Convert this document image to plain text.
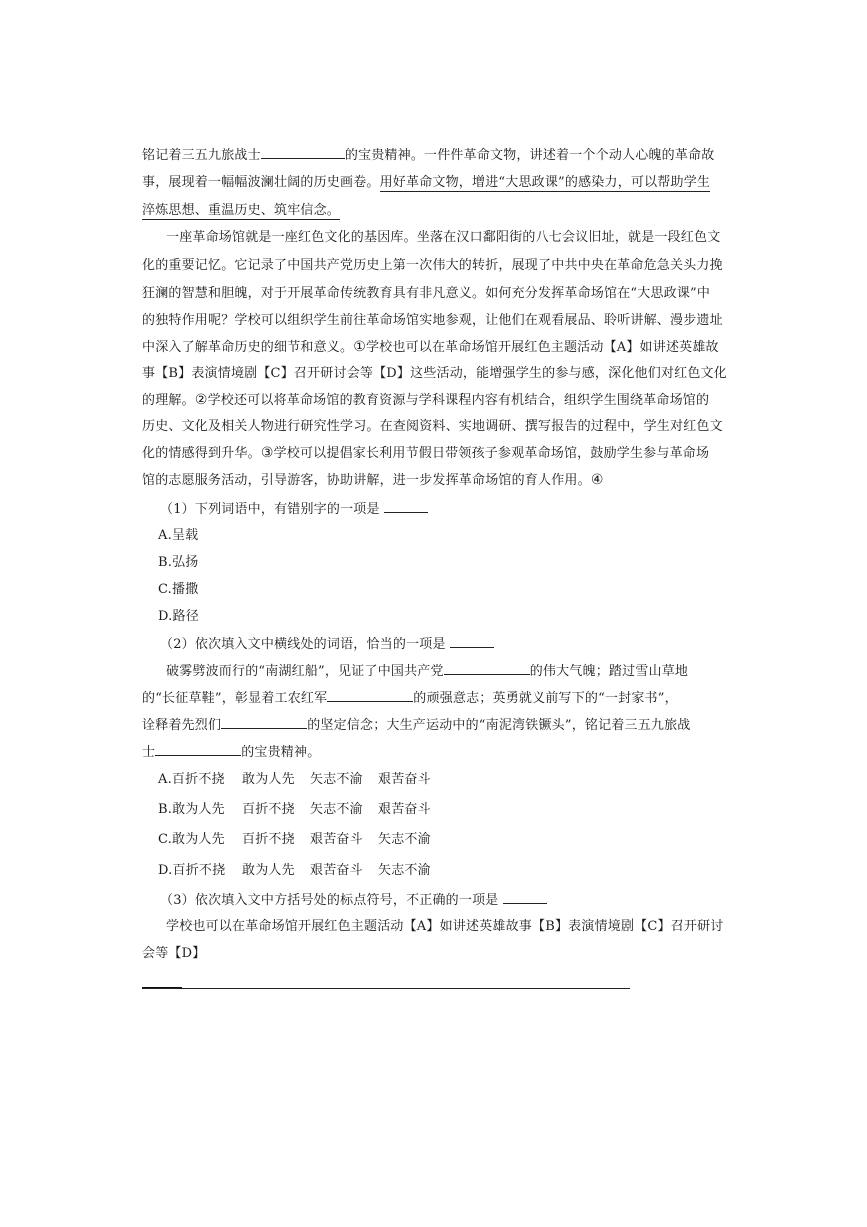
铭记着三五九旅战士	的宝贵精神。一件件革命文物，讲述着一个个动人心魄的革命故
事，展现着一幅幅波澜壮阔的历史画卷。用好革命文物，增进“大思政课”的感染力，可以帮助学生
淬炼思想、重温历史、筑牢信念。
一座革命场馆就是一座红色文化的基因库。坐落在汉口鄱阳街的八七会议旧址，就是一段红色文
化的重要记忆。它记录了中国共产党历史上第一次伟大的转折，展现了中共中央在革命危急关头力挽
狂澜的智慧和胆魄，对于开展革命传统教育具有非凡意义。如何充分发挥革命场馆在“大思政课”中
的独特作用呢？学校可以组织学生前往革命场馆实地参观，让他们在观看展品、聆听讲解、漫步遗址
中深入了解革命历史的细节和意义。①学校也可以在革命场馆开展红色主题活动【A】如讲述英雄故
事【B】表演情境剧【C】召开研讨会等【D】这些活动，能增强学生的参与感，深化他们对红色文化
的理解。②学校还可以将革命场馆的教育资源与学科课程内容有机结合，组织学生围绕革命场馆的
历史、文化及相关人物进行研究性学习。在查阅资料、实地调研、撰写报告的过程中，学生对红色文
化的情感得到升华。③学校可以提倡家长利用节假日带领孩子参观革命场馆，鼓励学生参与革命场
馆的志愿服务活动，引导游客，协助讲解，进一步发挥革命场馆的育人作用。④
（1）下列词语中，有错别字的一项是
A.呈载
B.弘扬
C.播撒
D.路径
（2）依次填入文中横线处的词语，恰当的一项是
破雾劈波而行的“南湖红船”，见证了中国共产党	的伟大气魄；踏过雪山草地
的“长征草鞋”，彰显着工农红军	的顽强意志；英勇就义前写下的“一封家书”，
诠释着先烈们	的坚定信念；大生产运动中的“南泥湾铁镢头”，铭记着三五九旅战
士	的宝贵精神。
A.百折不挠 敢为人先 矢志不渝 艰苦奋斗
B.敢为人先 百折不挠 矢志不渝 艰苦奋斗
C.敢为人先 百折不挠 艰苦奋斗 矢志不渝
D.百折不挠 敢为人先 艰苦奋斗 矢志不渝
（3）依次填入文中方括号处的标点符号，不正确的一项是
学校也可以在革命场馆开展红色主题活动【A】如讲述英雄故事【B】表演情境剧【C】召开研讨
会等【D】
